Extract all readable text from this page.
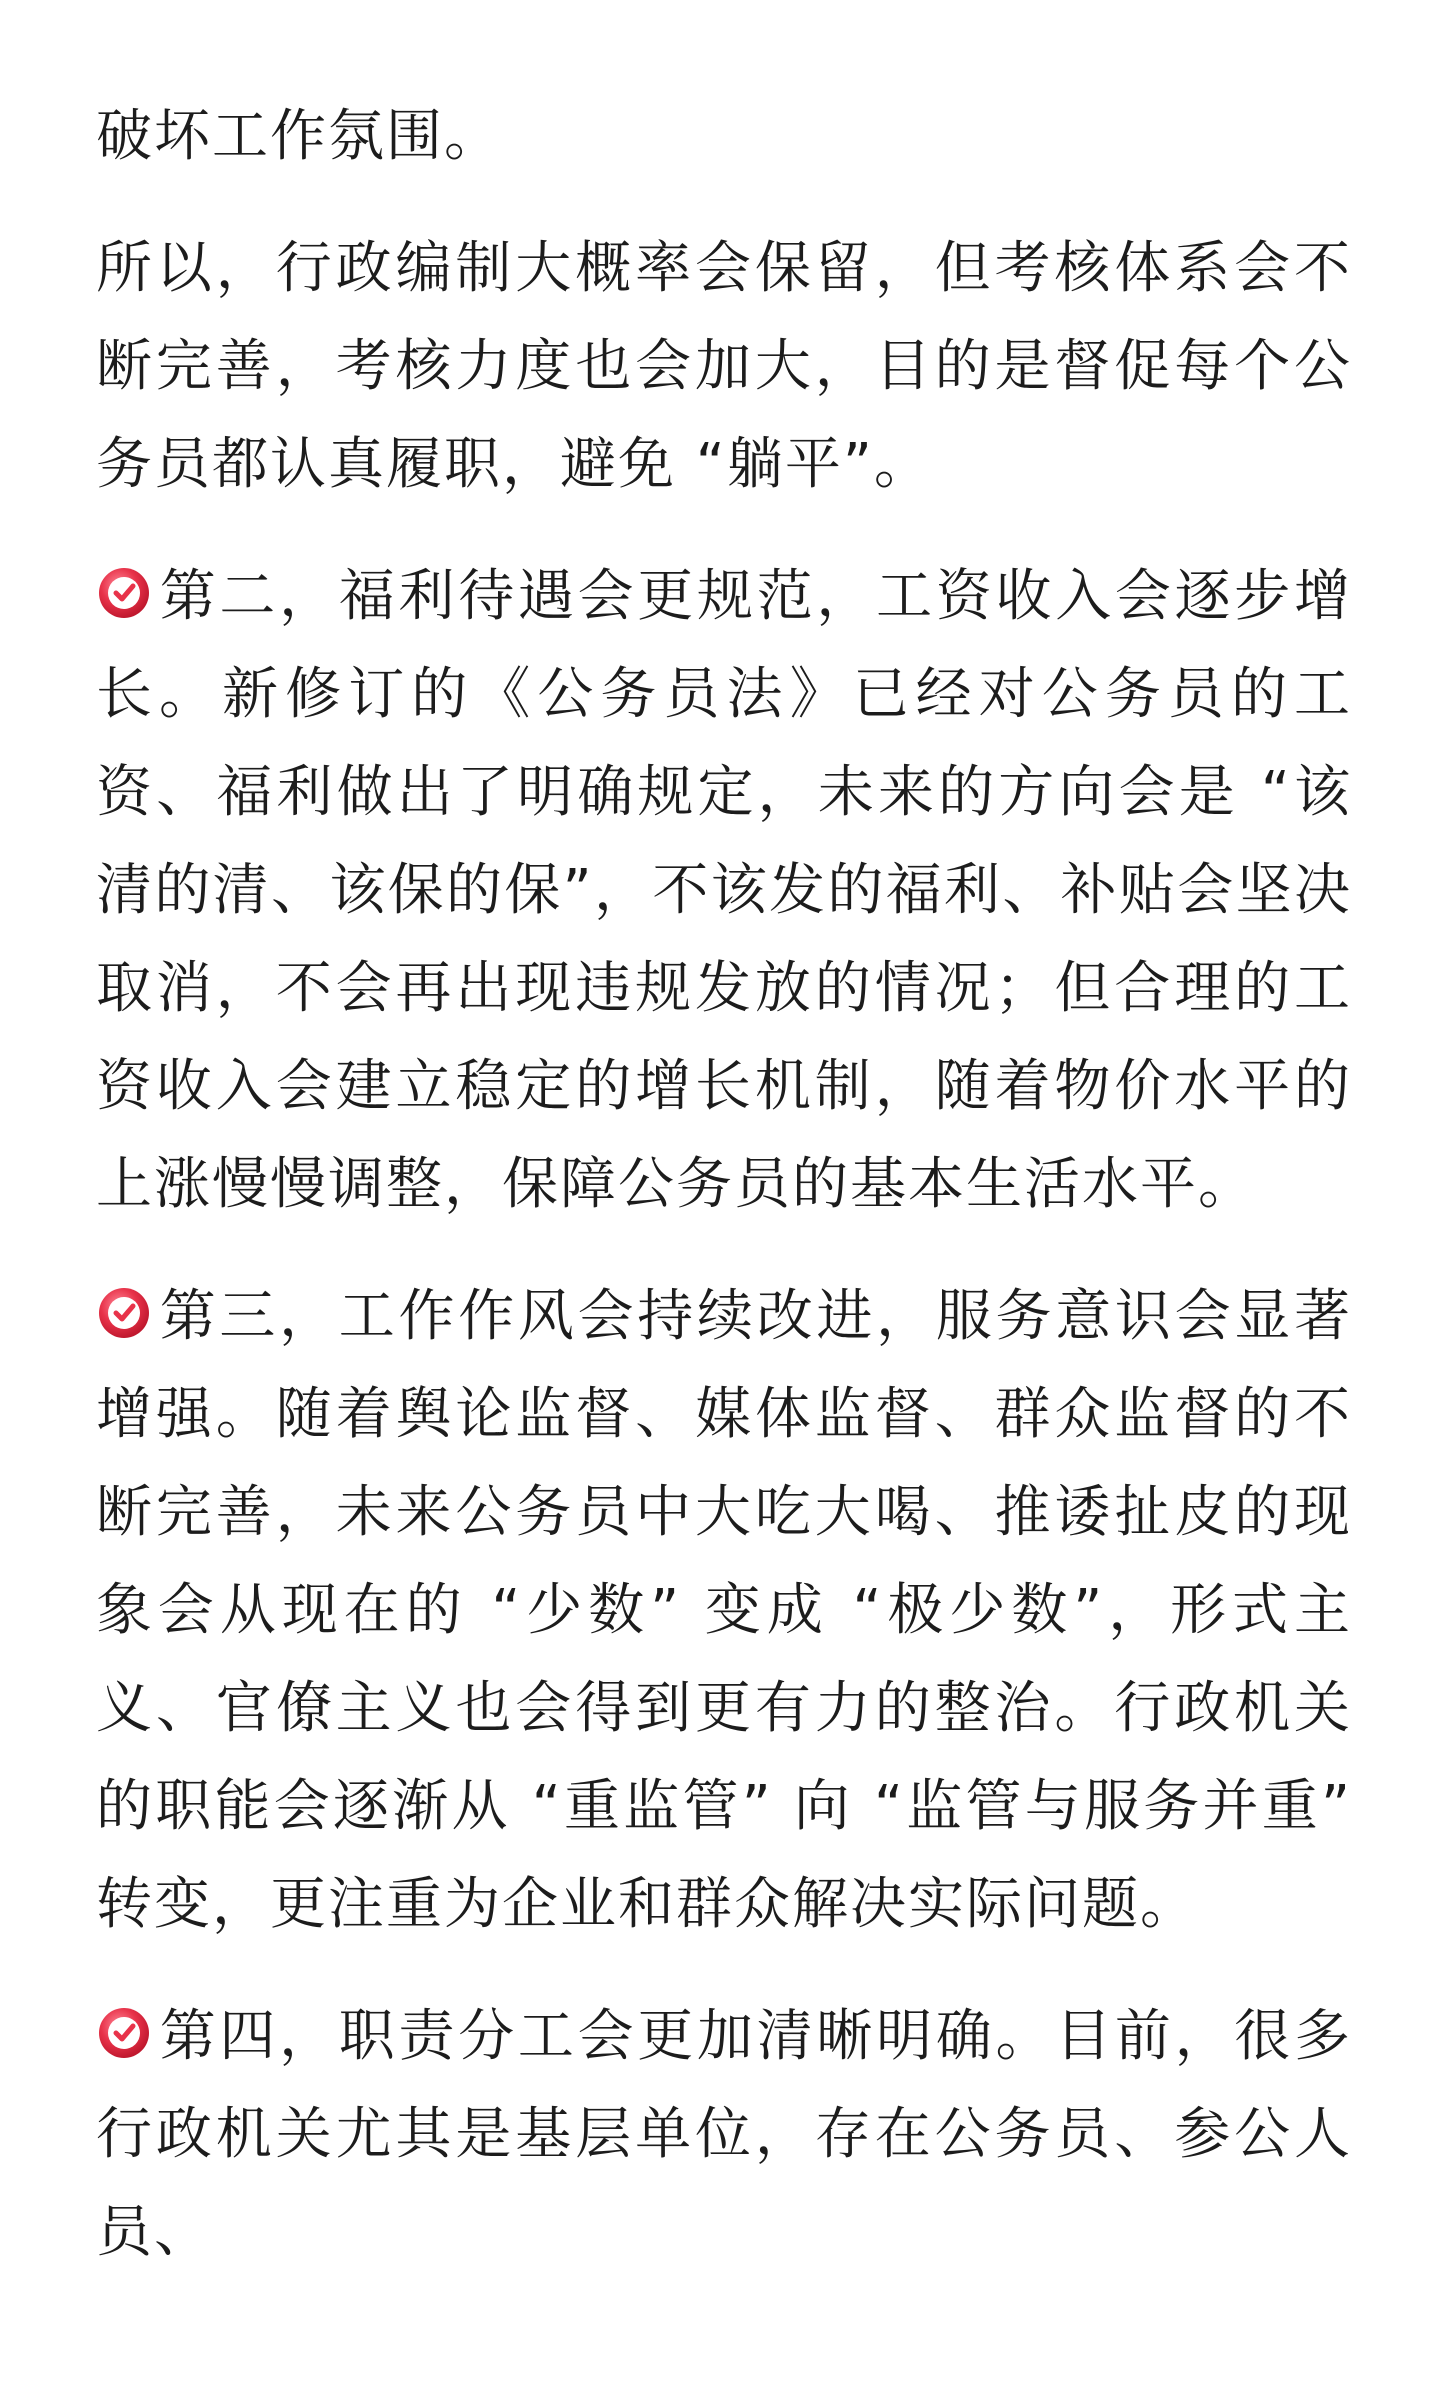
破坏工作氛围。

所以，行政编制大概率会保留，但考核体系会不断完善，考核力度也会加大，目的是督促每个公务员都认真履职，避免 “躺平”。

第二，福利待遇会更规范，工资收入会逐步增长。新修订的《公务员法》已经对公务员的工资、福利做出了明确规定，未来的方向会是 “该清的清、该保的保”，不该发的福利、补贴会坚决取消，不会再出现违规发放的情况；但合理的工资收入会建立稳定的增长机制，随着物价水平的上涨慢慢调整，保障公务员的基本生活水平。

第三，工作作风会持续改进，服务意识会显著增强。随着舆论监督、媒体监督、群众监督的不断完善，未来公务员中大吃大喝、推诿扯皮的现象会从现在的 “少数” 变成 “极少数”，形式主义、官僚主义也会得到更有力的整治。行政机关的职能会逐渐从 “重监管” 向 “监管与服务并重” 转变，更注重为企业和群众解决实际问题。

第四，职责分工会更加清晰明确。目前，很多行政机关尤其是基层单位，存在公务员、参公人员、
